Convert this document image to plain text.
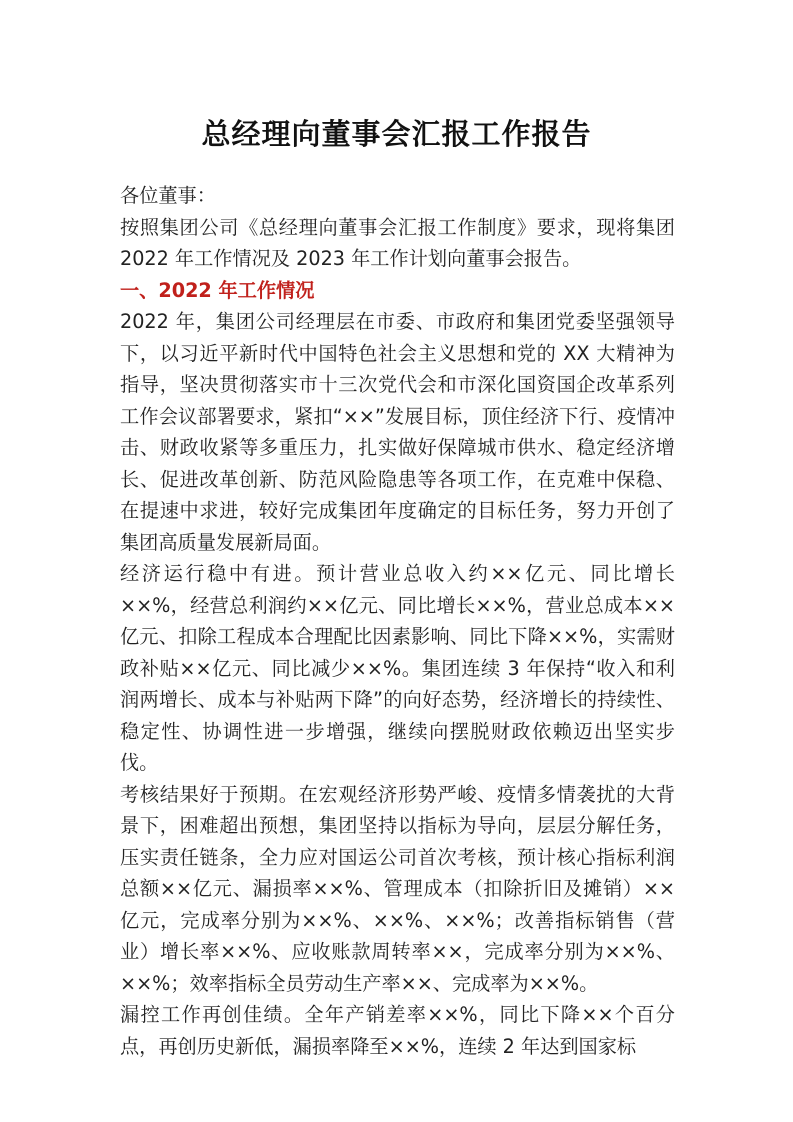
总经理向董事会汇报工作报告

各位董事：

按照集团公司《总经理向董事会汇报工作制度》要求，现将集团 2022 年工作情况及 2023 年工作计划向董事会报告。

一、2022 年工作情况

2022 年，集团公司经理层在市委、市政府和集团党委坚强领导下，以习近平新时代中国特色社会主义思想和党的 XX 大精神为指导，坚决贯彻落实市十三次党代会和市深化国资国企改革系列工作会议部署要求，紧扣“××”发展目标，顶住经济下行、疫情冲击、财政收紧等多重压力，扎实做好保障城市供水、稳定经济增长、促进改革创新、防范风险隐患等各项工作，在克难中保稳、在提速中求进，较好完成集团年度确定的目标任务，努力开创了集团高质量发展新局面。

经济运行稳中有进。预计营业总收入约××亿元、同比增长××%，经营总利润约××亿元、同比增长××%，营业总成本××亿元、扣除工程成本合理配比因素影响、同比下降××%，实需财政补贴××亿元、同比减少××%。集团连续 3 年保持“收入和利润两增长、成本与补贴两下降”的向好态势，经济增长的持续性、稳定性、协调性进一步增强，继续向摆脱财政依赖迈出坚实步伐。

考核结果好于预期。在宏观经济形势严峻、疫情多情袭扰的大背景下，困难超出预想，集团坚持以指标为导向，层层分解任务，压实责任链条，全力应对国运公司首次考核，预计核心指标利润总额××亿元、漏损率××%、管理成本（扣除折旧及摊销）××亿元，完成率分别为××%、××%、××%；改善指标销售（营业）增长率××%、应收账款周转率××，完成率分别为××%、××%；效率指标全员劳动生产率××、完成率为××%。

漏控工作再创佳绩。全年产销差率××%，同比下降××个百分点，再创历史新低，漏损率降至××%，连续 2 年达到国家标
